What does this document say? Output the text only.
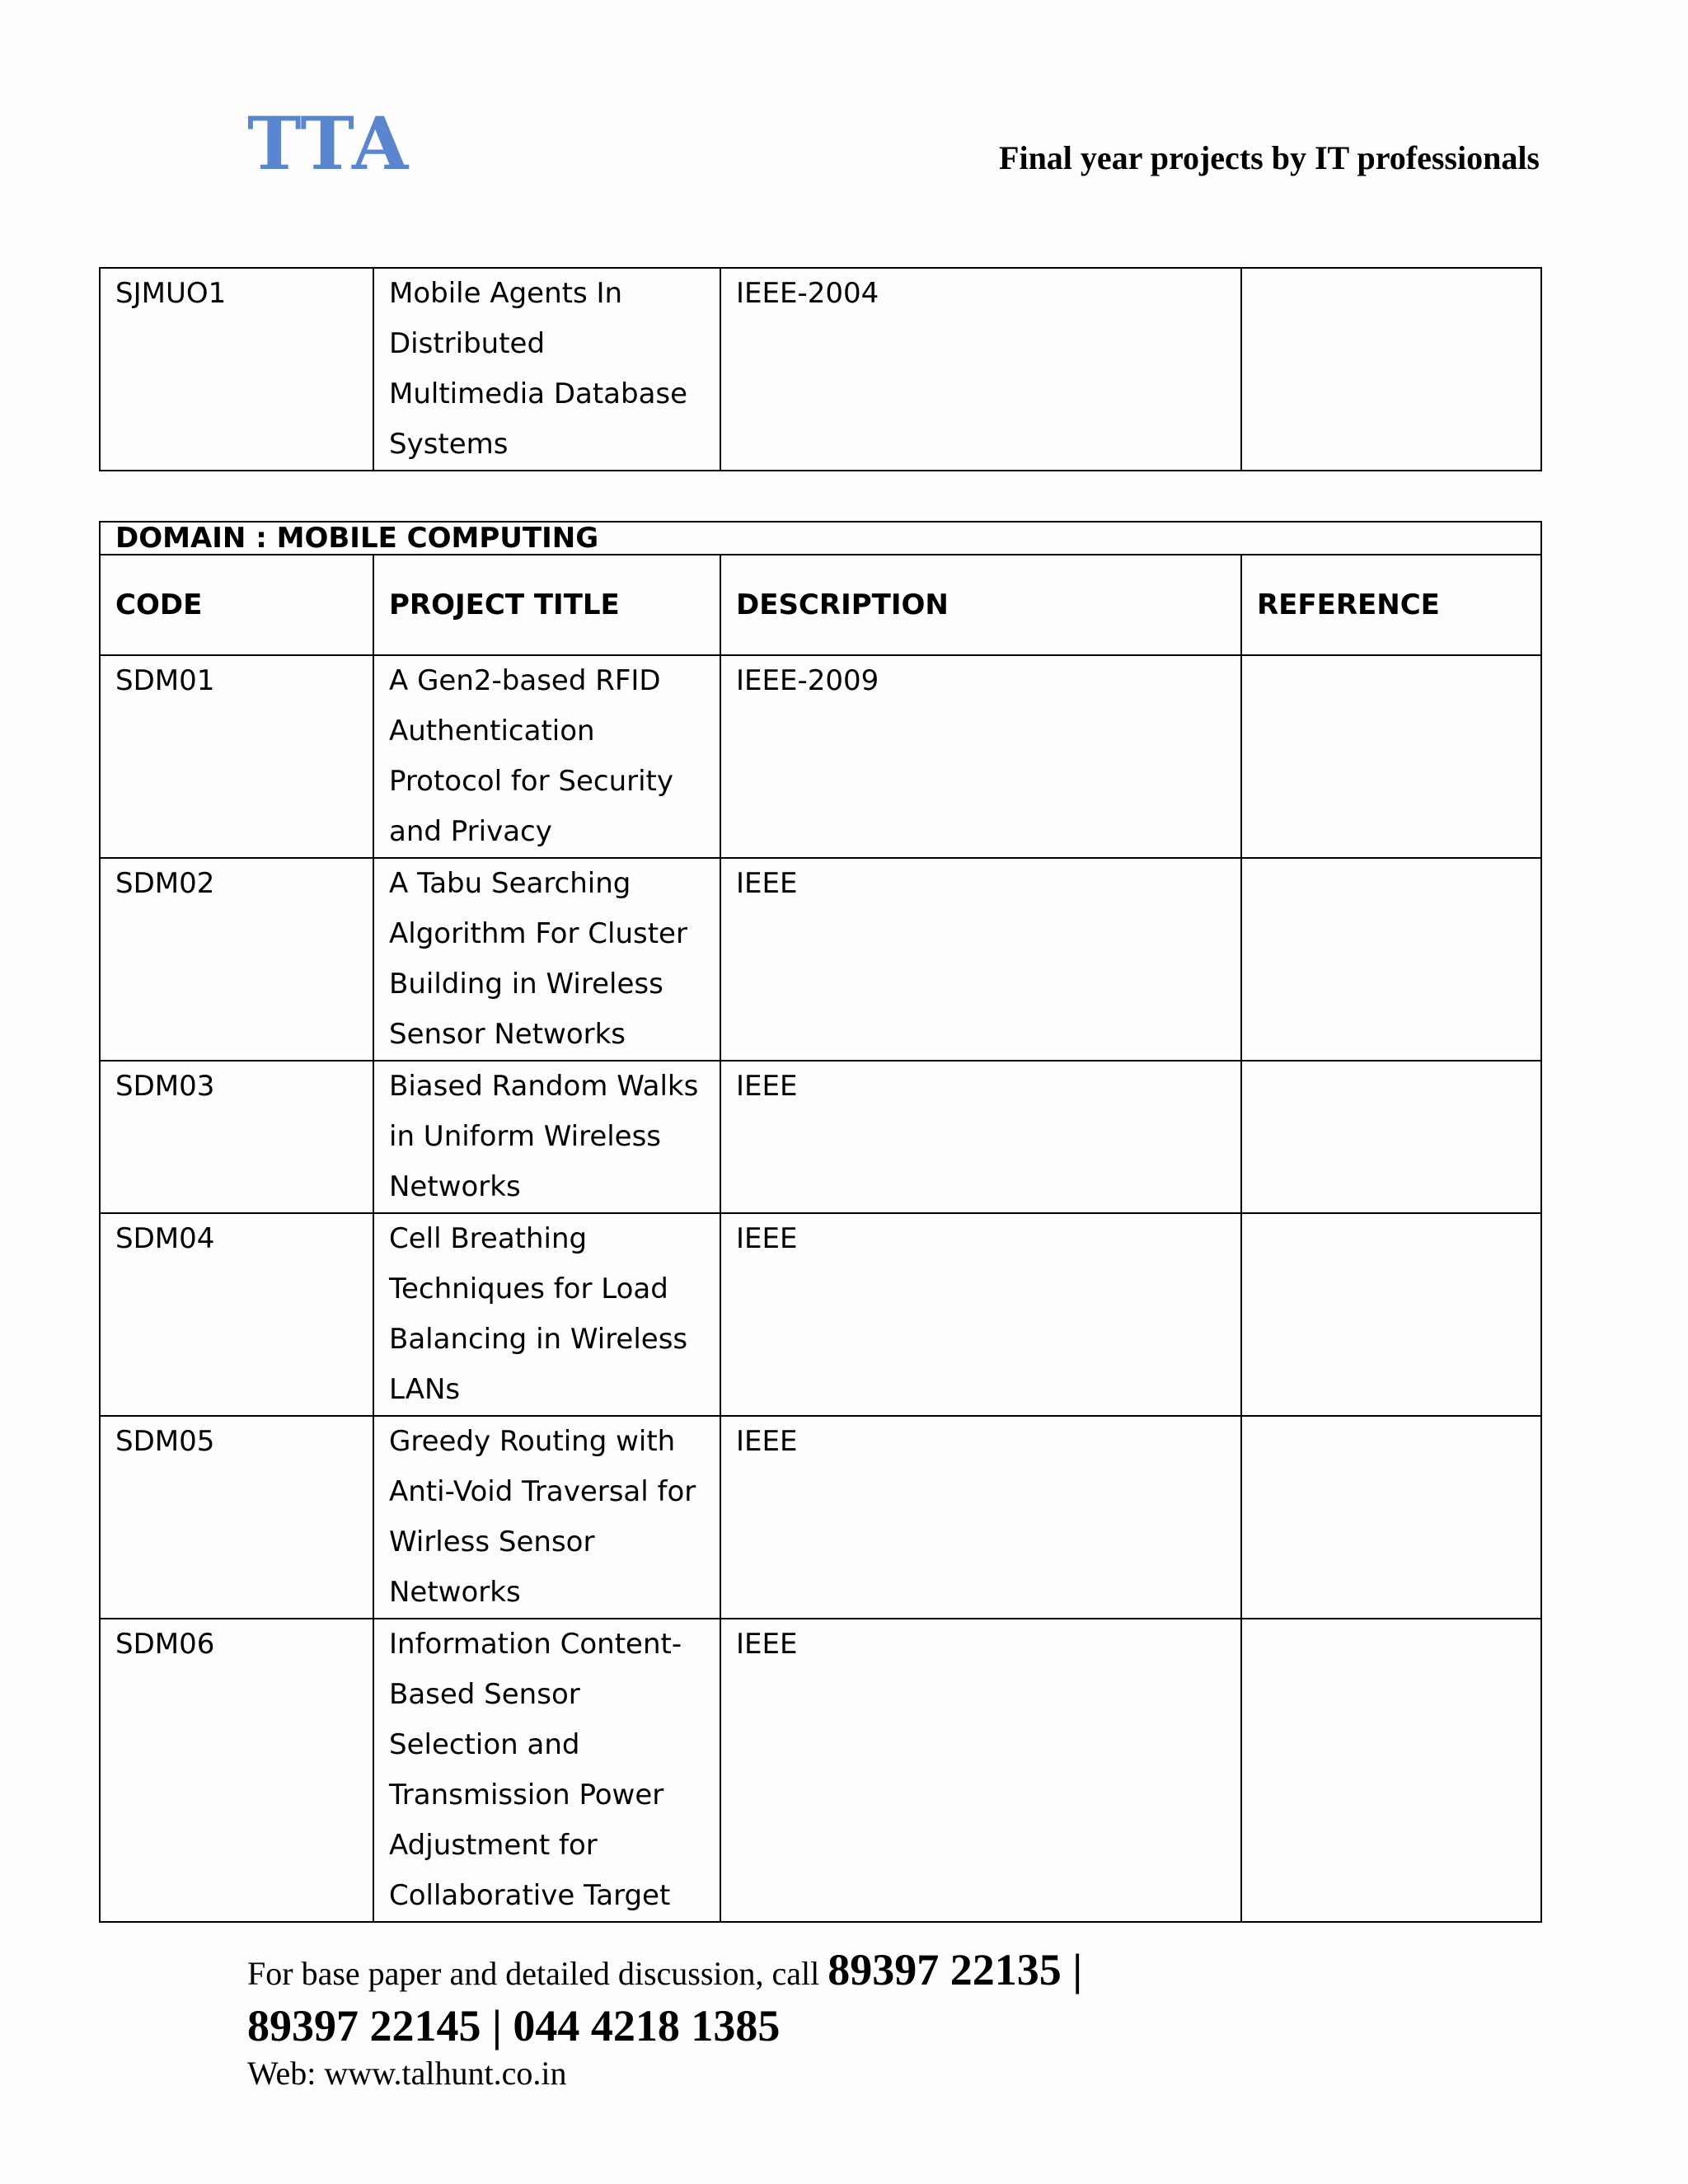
TTA	Final year projects by IT professionals
SJMUO1	Mobile Agents In Distributed Multimedia Database Systems	IEEE-2004	
DOMAIN : MOBILE COMPUTING			
CODE	PROJECT TITLE	DESCRIPTION	REFERENCE
SDM01	A Gen2-based RFID Authentication Protocol for Security and Privacy	IEEE-2009	
SDM02	A Tabu Searching Algorithm For Cluster Building in Wireless Sensor Networks	IEEE	
SDM03	Biased Random Walks in Uniform Wireless Networks	IEEE	
SDM04	Cell Breathing Techniques for Load Balancing in Wireless LANs	IEEE	
SDM05	Greedy Routing with Anti-Void Traversal for Wirless Sensor Networks	IEEE	
SDM06	Information Content-Based Sensor Selection and Transmission Power Adjustment for Collaborative Target	IEEE	
For base paper and detailed discussion, call 89397 22135 |
89397 22145 | 044 4218 1385
Web: www.talhunt.co.in
